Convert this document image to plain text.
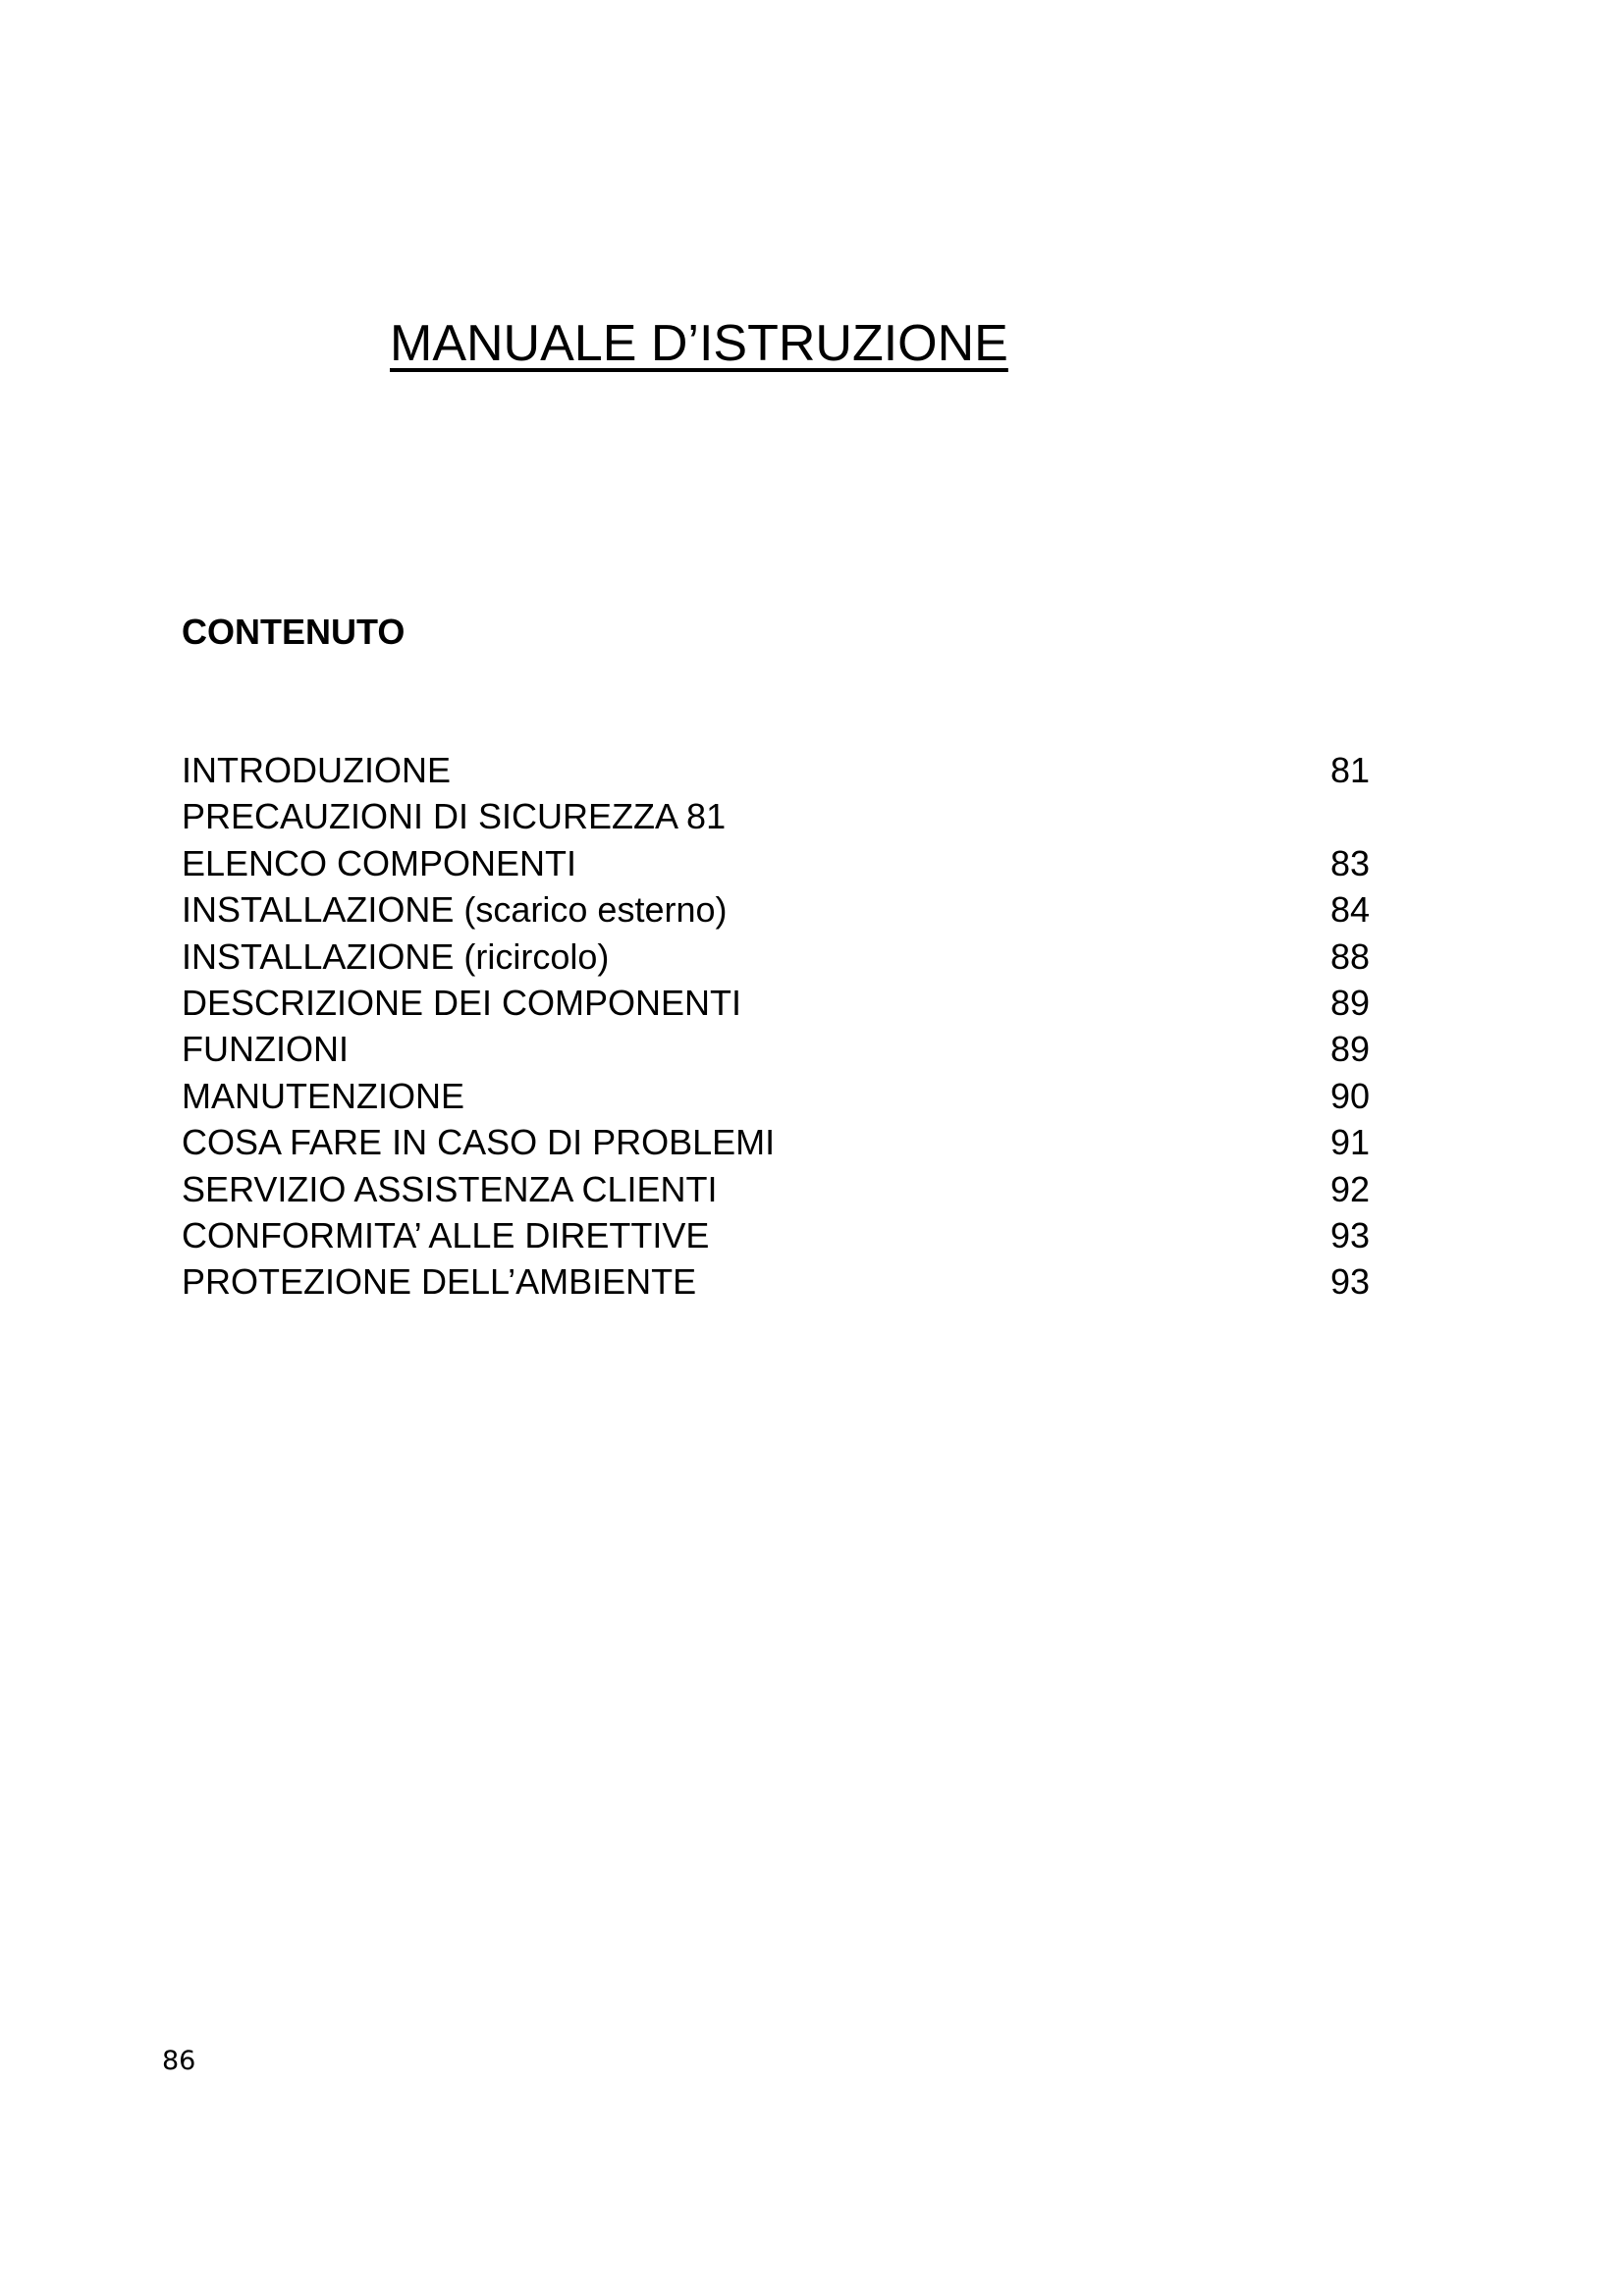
MANUALE D’ISTRUZIONE
CONTENUTO
INTRODUZIONE	81
PRECAUZIONI DI SICUREZZA 81
ELENCO COMPONENTI	83
INSTALLAZIONE (scarico esterno)	84
INSTALLAZIONE (ricircolo)	88
DESCRIZIONE DEI COMPONENTI	89
FUNZIONI	89
MANUTENZIONE	90
COSA FARE IN CASO DI PROBLEMI	91
SERVIZIO ASSISTENZA CLIENTI	92
CONFORMITA’ ALLE DIRETTIVE	93
PROTEZIONE DELL’AMBIENTE	93
86
